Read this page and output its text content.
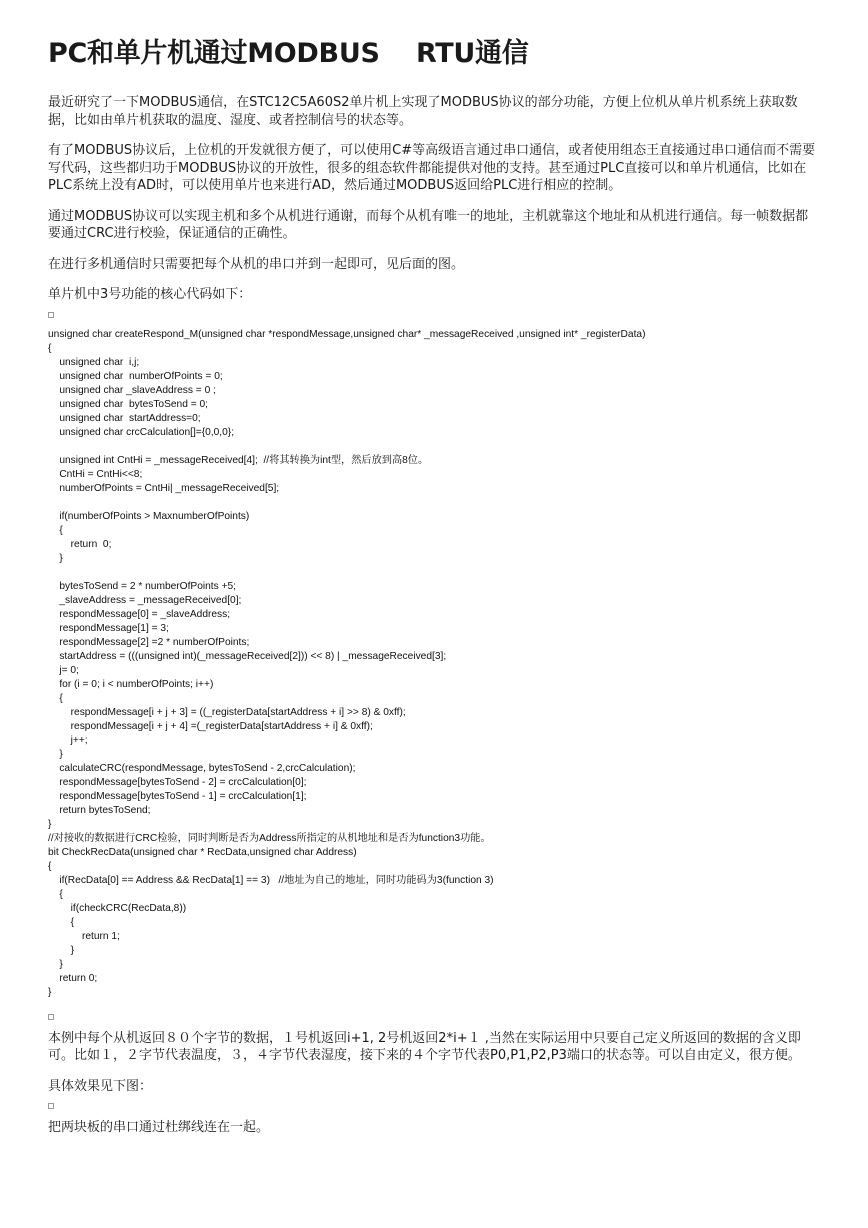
PC和单片机通过MODBUS    RTU通信

最近研究了一下MODBUS通信，在STC12C5A60S2单片机上实现了MODBUS协议的部分功能，方便上位机从单片机系统上获取数据，比如由单片机获取的温度、湿度、或者控制信号的状态等。

有了MODBUS协议后，上位机的开发就很方便了，可以使用C#等高级语言通过串口通信，或者使用组态王直接通过串口通信而不需要写代码，这些都归功于MODBUS协议的开放性，很多的组态软件都能提供对他的支持。甚至通过PLC直接可以和单片机通信，比如在PLC系统上没有AD时，可以使用单片也来进行AD，然后通过MODBUS返回给PLC进行相应的控制。

通过MODBUS协议可以实现主机和多个从机进行通谢，而每个从机有唯一的地址，主机就靠这个地址和从机进行通信。每一帧数据都要通过CRC进行校验，保证通信的正确性。

在进行多机通信时只需要把每个从机的串口并到一起即可，见后面的图。

单片机中3号功能的核心代码如下：

unsigned char createRespond_M(unsigned char *respondMessage,unsigned char* _messageReceived ,unsigned int* _registerData)
{
unsigned char  i,j;
unsigned char  numberOfPoints = 0;
unsigned char _slaveAddress = 0 ;
unsigned char  bytesToSend = 0;
unsigned char  startAddress=0;
unsigned char crcCalculation[]={0,0,0};

unsigned int CntHi = _messageReceived[4];  //将其转换为int型，然后放到高8位。
CntHi = CntHi<<8;
numberOfPoints = CntHi| _messageReceived[5];

if(numberOfPoints > MaxnumberOfPoints)
{
return  0;
}

bytesToSend = 2 * numberOfPoints +5;
_slaveAddress = _messageReceived[0];
respondMessage[0] = _slaveAddress;
respondMessage[1] = 3;
respondMessage[2] =2 * numberOfPoints;
startAddress = (((unsigned int)(_messageReceived[2])) << 8) | _messageReceived[3];
j= 0;
for (i = 0; i < numberOfPoints; i++)
{
respondMessage[i + j + 3] = ((_registerData[startAddress + i] >> 8) & 0xff);
respondMessage[i + j + 4] =(_registerData[startAddress + i] & 0xff);
j++;
}
calculateCRC(respondMessage, bytesToSend - 2,crcCalculation);
respondMessage[bytesToSend - 2] = crcCalculation[0];
respondMessage[bytesToSend - 1] = crcCalculation[1];
return bytesToSend;
}
//对接收的数据进行CRC检验，同时判断是否为Address所指定的从机地址和是否为function3功能。
bit CheckRecData(unsigned char * RecData,unsigned char Address)
{
if(RecData[0] == Address && RecData[1] == 3)   //地址为自己的地址，同时功能码为3(function 3)
{
if(checkCRC(RecData,8))
{
return 1;
}
}
return 0;
}

本例中每个从机返回８０个字节的数据，１号机返回i+1, 2号机返回2*i+１ ,当然在实际运用中只要自己定义所返回的数据的含义即可。比如１，２字节代表温度，３，４字节代表湿度，接下来的４个字节代表P0,P1,P2,P3端口的状态等。可以自由定义，很方便。

具体效果见下图：

把两块板的串口通过杜绑线连在一起。
